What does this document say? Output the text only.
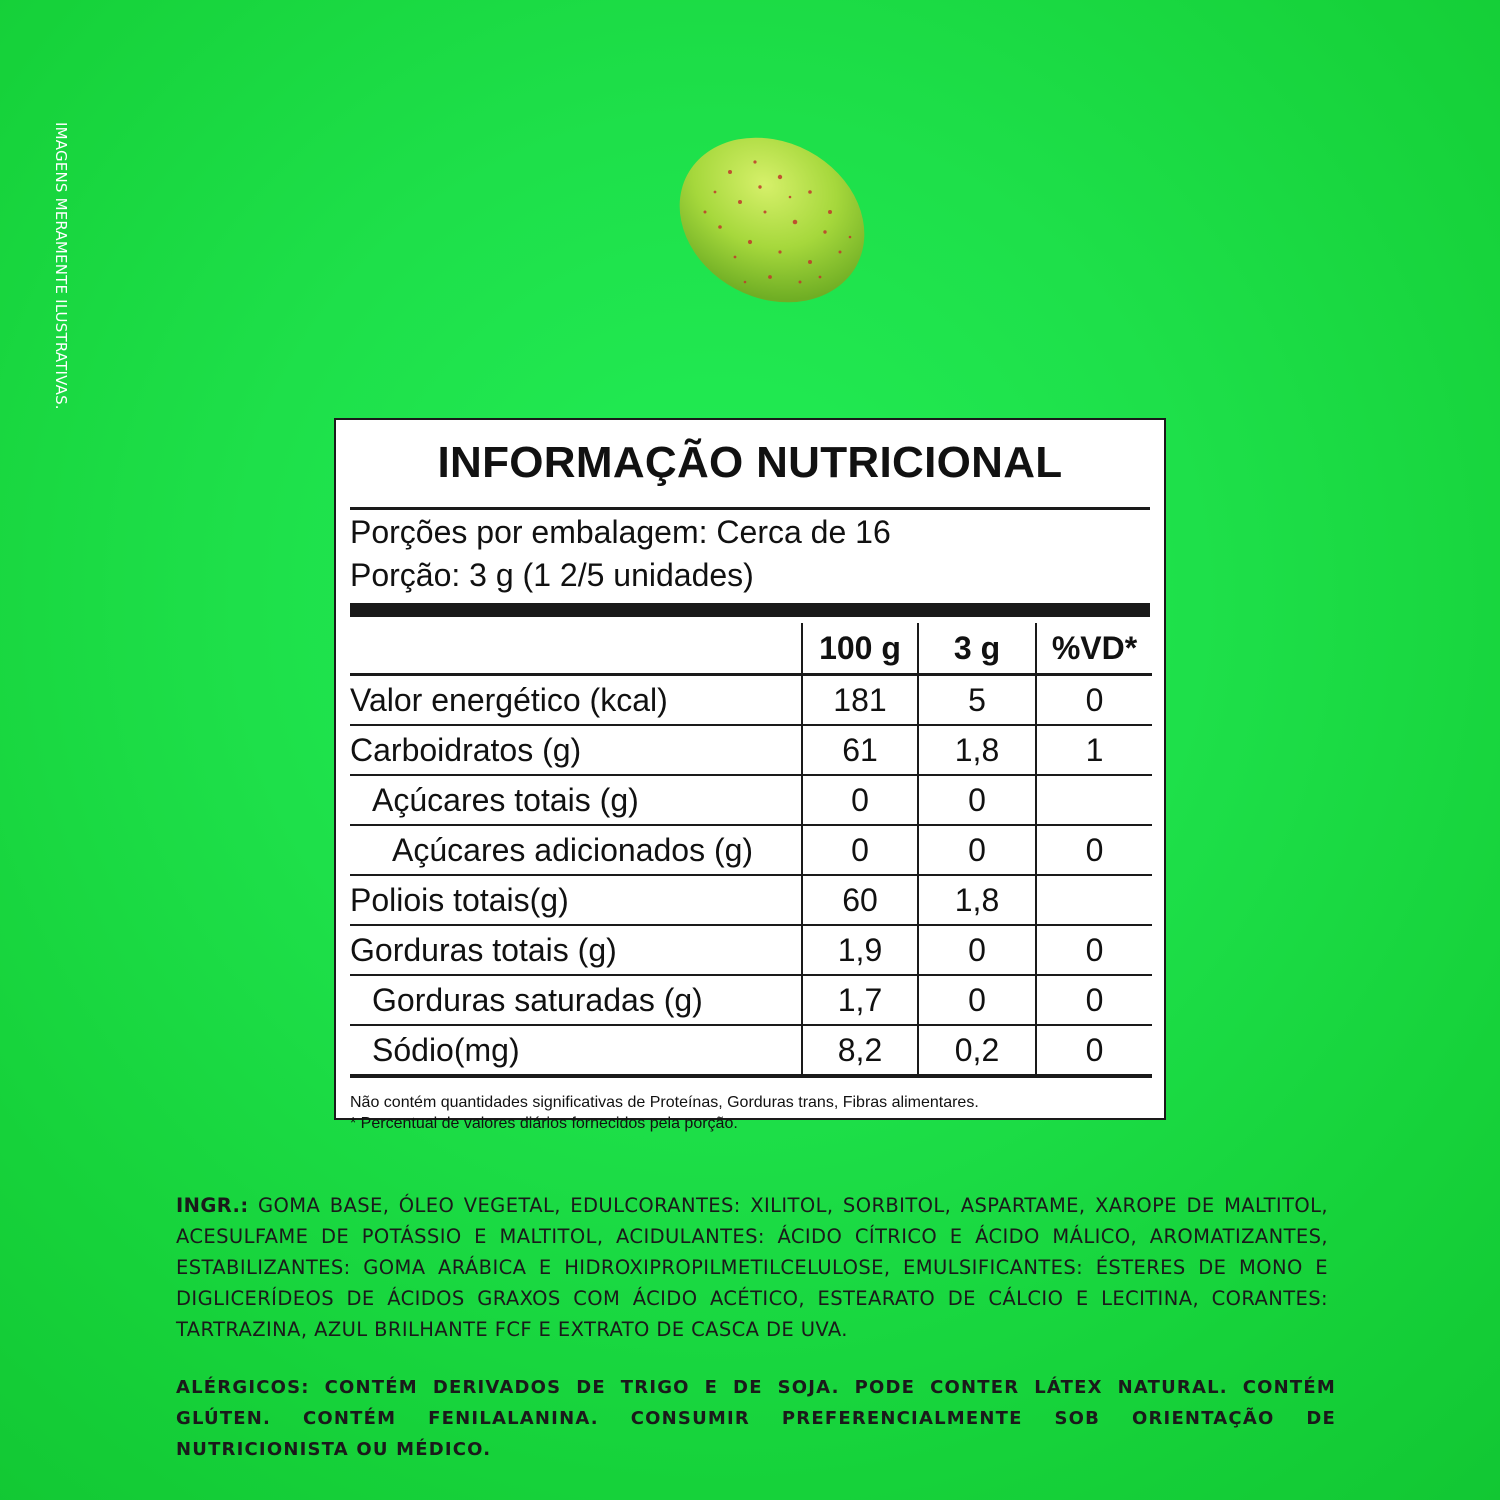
IMAGENS MERAMENTE ILUSTRATIVAS.
INFORMAÇÃO NUTRICIONAL
Porções por embalagem: Cerca de 16
Porção: 3 g (1 2/5 unidades)
	100 g	3 g	%VD*
Valor energético (kcal)	181	5	0
Carboidratos (g)	61	1,8	1
Açúcares totais (g)	0	0	
Açúcares adicionados (g)	0	0	0
Poliois totais(g)	60	1,8	
Gorduras totais (g)	1,9	0	0
Gorduras saturadas (g)	1,7	0	0
Sódio(mg)	8,2	0,2	0
Não contém quantidades significativas de Proteínas, Gorduras trans, Fibras alimentares.
* Percentual de valores diários fornecidos pela porção.
INGR.: GOMA BASE, ÓLEO VEGETAL, EDULCORANTES: XILITOL, SORBITOL, ASPARTAME, XAROPE DE MALTITOL, ACESULFAME DE POTÁSSIO E MALTITOL, ACIDULANTES: ÁCIDO CÍTRICO E ÁCIDO MÁLICO, AROMATIZANTES, ESTABILIZANTES: GOMA ARÁBICA E HIDROXIPROPILMETILCELULOSE, EMULSIFICANTES: ÉSTERES DE MONO E DIGLICERÍDEOS DE ÁCIDOS GRAXOS COM ÁCIDO ACÉTICO, ESTEARATO DE CÁLCIO E LECITINA, CORANTES: TARTRAZINA, AZUL BRILHANTE FCF E EXTRATO DE CASCA DE UVA.
ALÉRGICOS: CONTÉM DERIVADOS DE TRIGO E DE SOJA. PODE CONTER LÁTEX NATURAL. CONTÉM GLÚTEN. CONTÉM FENILALANINA. CONSUMIR PREFERENCIALMENTE SOB ORIENTAÇÃO DE NUTRICIONISTA OU MÉDICO.
